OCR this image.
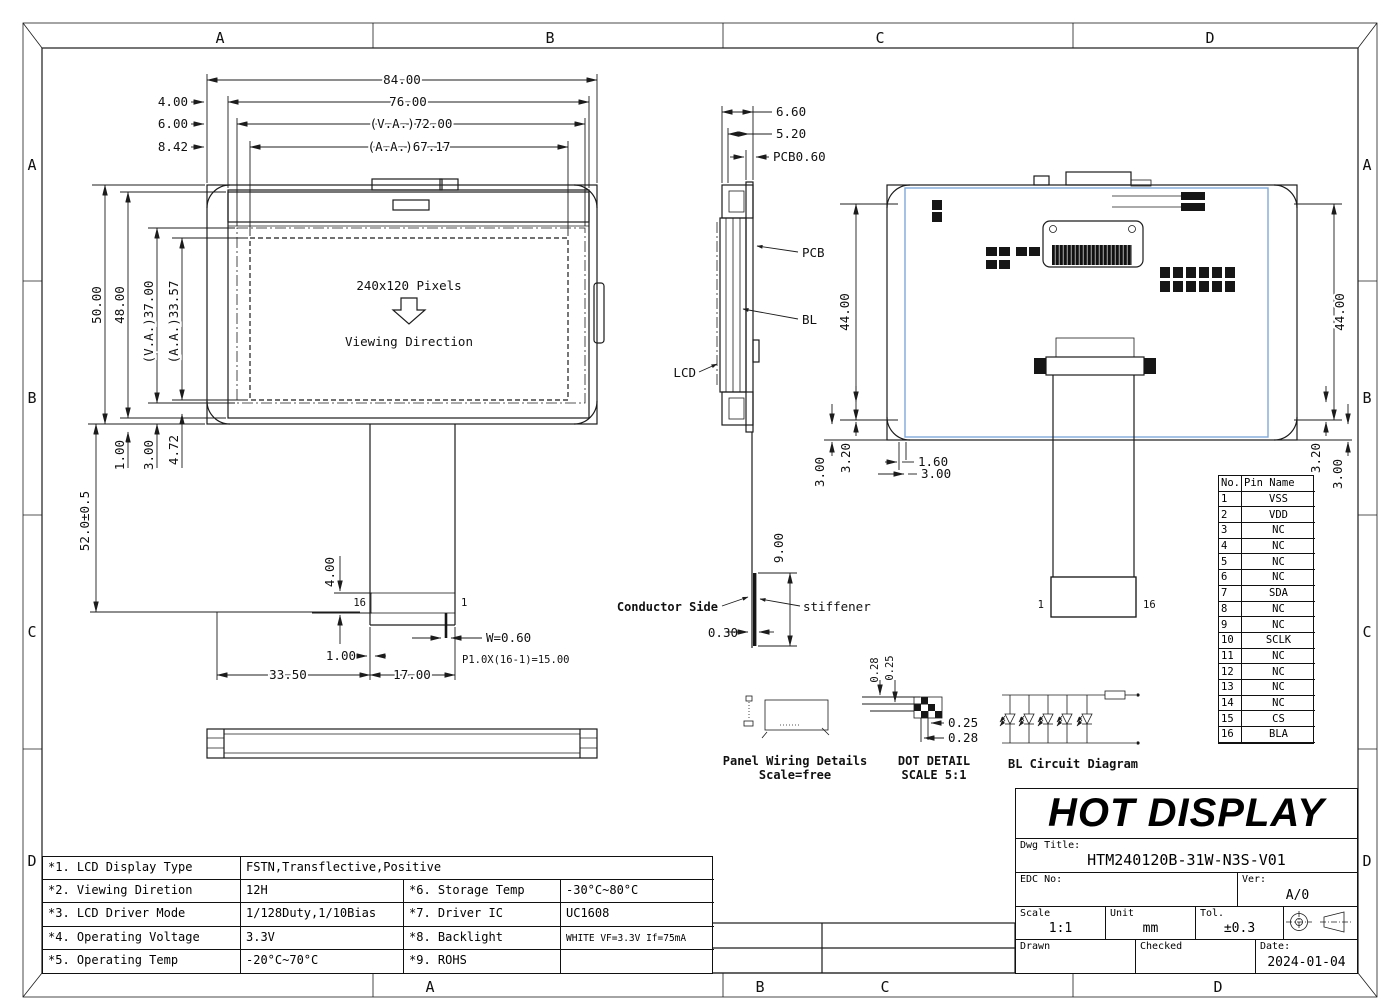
A	B	C	D
A	B	C	D
A
B
C
D
A
B
C
D
240x120 Pixels
Viewing Direction
16	1
84.00
76.00
(V.A.)72.00
(A.A.)67.17
4.00
6.00
8.42
50.00 48.00 (V.A.)37.00 (A.A.)33.57
52.0±0.5
1.00 3.00 4.72
4.00
W=0.60
P1.0X(16-1)=15.00
1.00
33.50	17.00
6.60
5.20
PCB0.60
PCB
BL
LCD
Conductor Side	stiffener
9.00
0.30
1	16
44.00	44.00
3.20
3.00	1.60
3.00
3.20
3.00
Panel Wiring Details
Scale=free
0.28 0.25
0.25
0.28
DOT DETAIL
SCALE 5:1
BL Circuit Diagram
*1. LCD Display Type	FSTN,Transflective,Positive
*2. Viewing Diretion	12H	*6. Storage Temp	-30°C~80°C
*3. LCD Driver Mode	1/128Duty,1/10Bias	*7. Driver IC	UC1608
*4. Operating Voltage	3.3V	*8. Backlight	WHITE VF=3.3V If=75mA
*5. Operating Temp	-20°C~70°C	*9. ROHS
No. Pin Name
1	VSS
2	VDD
3	NC
4	NC
5	NC
6	NC
7	SDA
8	NC
9	NC
10	SCLK
11	NC
12	NC
13	NC
14	NC
15	CS
16	BLA
HOT DISPLAY
Dwg Title:
HTM240120B-31W-N3S-V01
EDC No:	Ver:
A/0
Scale
1:1
Unit
mm
Tol.
±0.3
Drawn	Checked	Date:
2024-01-04
